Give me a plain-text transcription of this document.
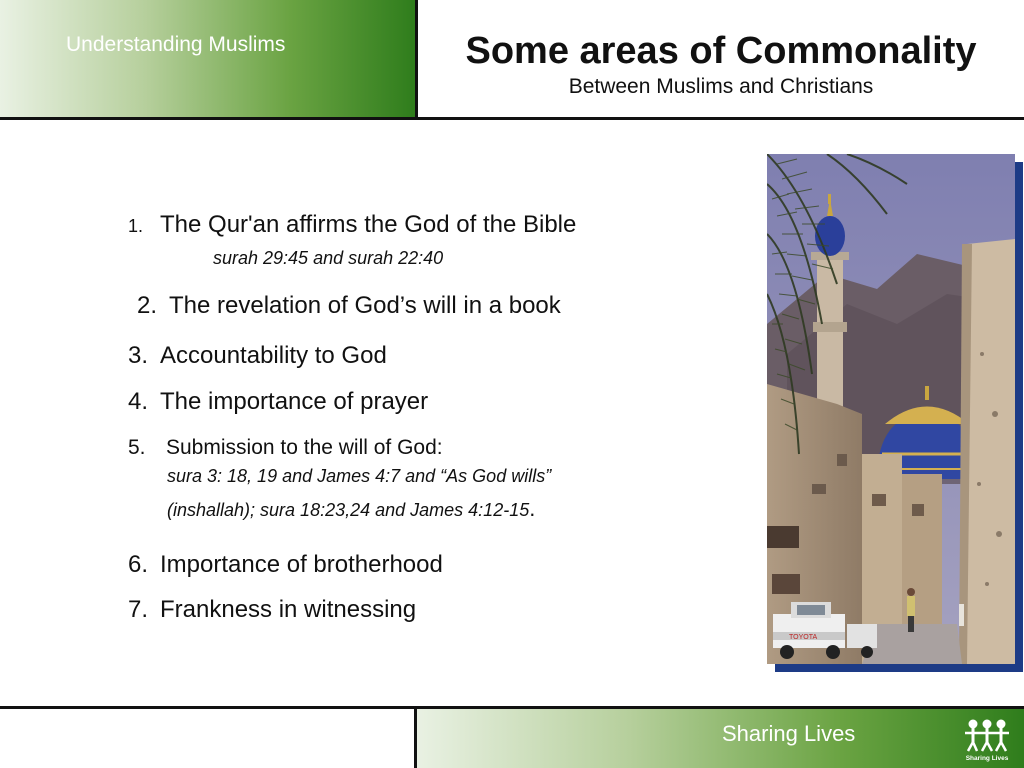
Understanding Muslims	Some areas of Commonality
Between Muslims and Christians
1. The Qur'an affirms the God of the Bible
surah 29:45 and surah 22:40
2. The revelation of God’s will in a book
3. Accountability to God
4. The importance of prayer
5. Submission to the will of God:
sura 3: 18, 19 and James 4:7 and “As God wills”
(inshallah); sura 18:23,24 and James 4:12-15.
6. Importance of brotherhood
7. Frankness in witnessing
TOYOTA
Sharing Lives
Sharing Lives
